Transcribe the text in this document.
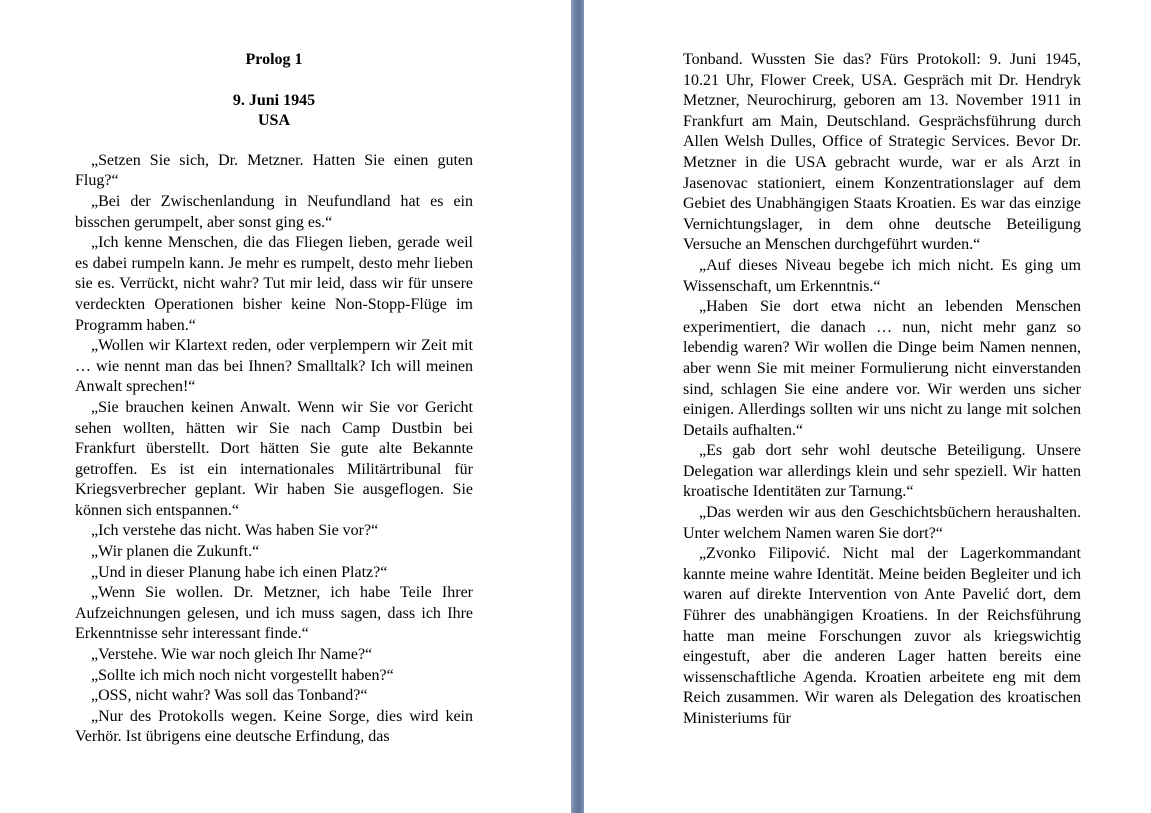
Prolog 1

9. Juni 1945

USA

„Setzen Sie sich, Dr. Metzner. Hatten Sie einen guten Flug?“

„Bei der Zwischenlandung in Neufundland hat es ein bisschen gerumpelt, aber sonst ging es.“

„Ich kenne Menschen, die das Fliegen lieben, gerade weil es dabei rumpeln kann. Je mehr es rumpelt, desto mehr lieben sie es. Verrückt, nicht wahr? Tut mir leid, dass wir für unsere verdeckten Operationen bisher keine Non-Stopp-Flüge im Programm haben.“

„Wollen wir Klartext reden, oder verplempern wir Zeit mit … wie nennt man das bei Ihnen? Smalltalk? Ich will meinen Anwalt sprechen!“

„Sie brauchen keinen Anwalt. Wenn wir Sie vor Gericht sehen wollten, hätten wir Sie nach Camp Dustbin bei Frankfurt überstellt. Dort hätten Sie gute alte Bekannte getroffen. Es ist ein internationales Militärtribunal für Kriegsverbrecher geplant. Wir haben Sie ausgeflogen. Sie können sich entspannen.“

„Ich verstehe das nicht. Was haben Sie vor?“

„Wir planen die Zukunft.“

„Und in dieser Planung habe ich einen Platz?“

„Wenn Sie wollen. Dr. Metzner, ich habe Teile Ihrer Aufzeichnungen gelesen, und ich muss sagen, dass ich Ihre Erkenntnisse sehr interessant finde.“

„Verstehe. Wie war noch gleich Ihr Name?“

„Sollte ich mich noch nicht vorgestellt haben?“

„OSS, nicht wahr? Was soll das Tonband?“

„Nur des Protokolls wegen. Keine Sorge, dies wird kein Verhör. Ist übrigens eine deutsche Erfindung, das

Tonband. Wussten Sie das? Fürs Protokoll: 9. Juni 1945, 10.21 Uhr, Flower Creek, USA. Gespräch mit Dr. Hendryk Metzner, Neurochirurg, geboren am 13. November 1911 in Frankfurt am Main, Deutschland. Gesprächsführung durch Allen Welsh Dulles, Office of Strategic Services. Bevor Dr. Metzner in die USA gebracht wurde, war er als Arzt in Jasenovac stationiert, einem Konzentrationslager auf dem Gebiet des Unabhängigen Staats Kroatien. Es war das einzige Vernichtungslager, in dem ohne deutsche Beteiligung Versuche an Menschen durchgeführt wurden.“

„Auf dieses Niveau begebe ich mich nicht. Es ging um Wissenschaft, um Erkenntnis.“

„Haben Sie dort etwa nicht an lebenden Menschen experimentiert, die danach … nun, nicht mehr ganz so lebendig waren? Wir wollen die Dinge beim Namen nennen, aber wenn Sie mit meiner Formulierung nicht einverstanden sind, schlagen Sie eine andere vor. Wir werden uns sicher einigen. Allerdings sollten wir uns nicht zu lange mit solchen Details aufhalten.“

„Es gab dort sehr wohl deutsche Beteiligung. Unsere Delegation war allerdings klein und sehr speziell. Wir hatten kroatische Identitäten zur Tarnung.“

„Das werden wir aus den Geschichtsbüchern heraushalten. Unter welchem Namen waren Sie dort?“

„Zvonko Filipović. Nicht mal der Lagerkommandant kannte meine wahre Identität. Meine beiden Begleiter und ich waren auf direkte Intervention von Ante Pavelić dort, dem Führer des unabhängigen Kroatiens. In der Reichsführung hatte man meine Forschungen zuvor als kriegswichtig eingestuft, aber die anderen Lager hatten bereits eine wissenschaftliche Agenda. Kroatien arbeitete eng mit dem Reich zusammen. Wir waren als Delegation des kroatischen Ministeriums für
